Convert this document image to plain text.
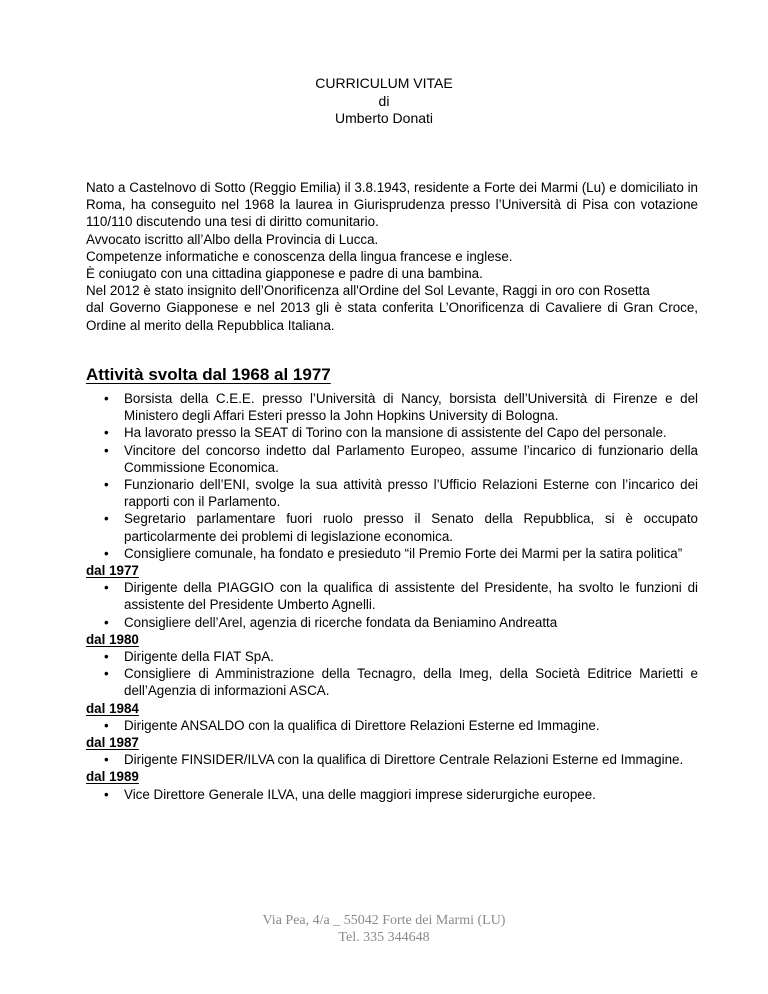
CURRICULUM VITAE
di
Umberto Donati

Nato a Castelnovo di Sotto (Reggio Emilia) il 3.8.1943, residente a Forte dei Marmi (Lu) e domiciliato in Roma, ha conseguito nel 1968 la laurea in Giurisprudenza presso l’Università di Pisa con votazione 110/110 discutendo una tesi di diritto comunitario.

Avvocato iscritto all’Albo della Provincia di Lucca.

Competenze informatiche e conoscenza della lingua francese e inglese.

È coniugato con una cittadina giapponese e padre di una bambina.

Nel 2012 è stato insignito dell’Onorificenza all'Ordine del Sol Levante, Raggi in oro con Rosetta

dal Governo Giapponese e nel 2013 gli è stata conferita L’Onorificenza di Cavaliere di Gran Croce, Ordine al merito della Repubblica Italiana.

Attività svolta dal 1968 al 1977
• Borsista della C.E.E. presso l’Università di Nancy, borsista dell’Università di Firenze e del Ministero degli Affari Esteri presso la John Hopkins University di Bologna.
• Ha lavorato presso la SEAT di Torino con la mansione di assistente del Capo del personale.
• Vincitore del concorso indetto dal Parlamento Europeo, assume l’incarico di funzionario della Commissione Economica.
• Funzionario dell’ENI, svolge la sua attività presso l’Ufficio Relazioni Esterne con l’incarico dei rapporti con il Parlamento.
• Segretario parlamentare fuori ruolo presso il Senato della Repubblica, si è occupato particolarmente dei problemi di legislazione economica.
• Consigliere comunale, ha fondato e presieduto “il Premio Forte dei Marmi per la satira politica”

dal 1977

• Dirigente della PIAGGIO con la qualifica di assistente del Presidente, ha svolto le funzioni di assistente del Presidente Umberto Agnelli.
• Consigliere dell’Arel, agenzia di ricerche fondata da Beniamino Andreatta

dal 1980

• Dirigente della FIAT SpA.
• Consigliere di Amministrazione della Tecnagro, della Imeg, della Società Editrice Marietti e dell’Agenzia di informazioni ASCA.

dal 1984

• Dirigente ANSALDO con la qualifica di Direttore Relazioni Esterne ed Immagine.

dal 1987

• Dirigente FINSIDER/ILVA con la qualifica di Direttore Centrale Relazioni Esterne ed Immagine.

dal 1989

• Vice Direttore Generale ILVA, una delle maggiori imprese siderurgiche europee.
Via Pea, 4/a _ 55042 Forte dei Marmi (LU)
Tel. 335 344648
